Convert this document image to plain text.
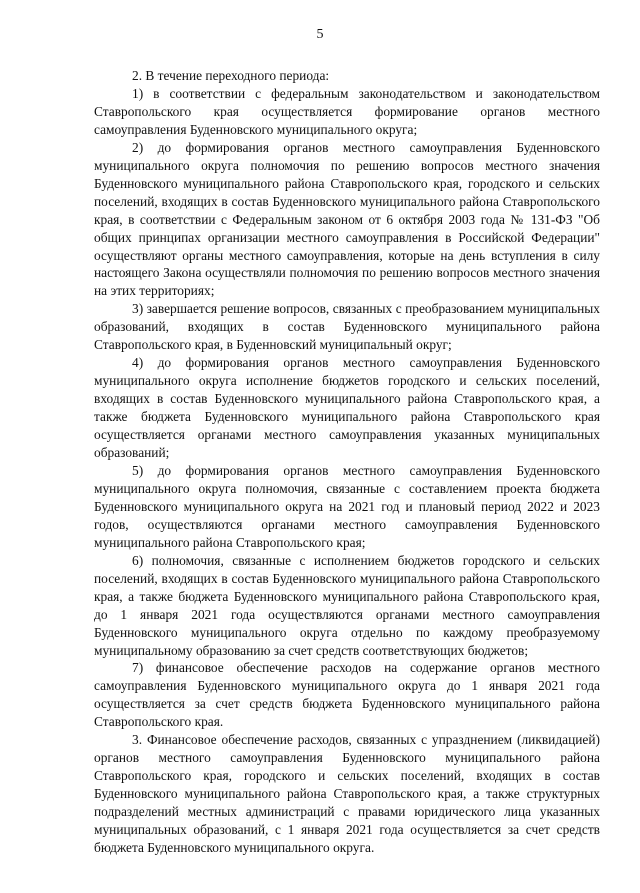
5

2. В течение переходного периода:

1) в соответствии с федеральным законодательством и законодательством Ставропольского края осуществляется формирование органов местного самоуправления Буденновского муниципального округа;

2) до формирования органов местного самоуправления Буденновского муниципального округа полномочия по решению вопросов местного значения Буденновского муниципального района Ставропольского края, городского и сельских поселений, входящих в состав Буденновского муниципального района Ставропольского края, в соответствии с Федеральным законом от 6 октября 2003 года № 131-ФЗ "Об общих принципах организации местного самоуправления в Российской Федерации" осуществляют органы местного самоуправления, которые на день вступления в силу настоящего Закона осуществляли полномочия по решению вопросов местного значения на этих территориях;

3) завершается решение вопросов, связанных с преобразованием муниципальных образований, входящих в состав Буденновского муниципального района Ставропольского края, в Буденновский муниципальный округ;

4) до формирования органов местного самоуправления Буденновского муниципального округа исполнение бюджетов городского и сельских поселений, входящих в состав Буденновского муниципального района Ставропольского края, а также бюджета Буденновского муниципального района Ставропольского края осуществляется органами местного самоуправления указанных муниципальных образований;

5) до формирования органов местного самоуправления Буденновского муниципального округа полномочия, связанные с составлением проекта бюджета Буденновского муниципального округа на 2021 год и плановый период 2022 и 2023 годов, осуществляются органами местного самоуправления Буденновского муниципального района Ставропольского края;

6) полномочия, связанные с исполнением бюджетов городского и сельских поселений, входящих в состав Буденновского муниципального района Ставропольского края, а также бюджета Буденновского муниципального района Ставропольского края, до 1 января 2021 года осуществляются органами местного самоуправления Буденновского муниципального округа отдельно по каждому преобразуемому муниципальному образованию за счет средств соответствующих бюджетов;

7) финансовое обеспечение расходов на содержание органов местного самоуправления Буденновского муниципального округа до 1 января 2021 года осуществляется за счет средств бюджета Буденновского муниципального района Ставропольского края.

3. Финансовое обеспечение расходов, связанных с упразднением (ликвидацией) органов местного самоуправления Буденновского муниципального района Ставропольского края, городского и сельских поселений, входящих в состав Буденновского муниципального района Ставропольского края, а также структурных подразделений местных администраций с правами юридического лица указанных муниципальных образований, с 1 января 2021 года осуществляется за счет средств бюджета Буденновского муниципального округа.
